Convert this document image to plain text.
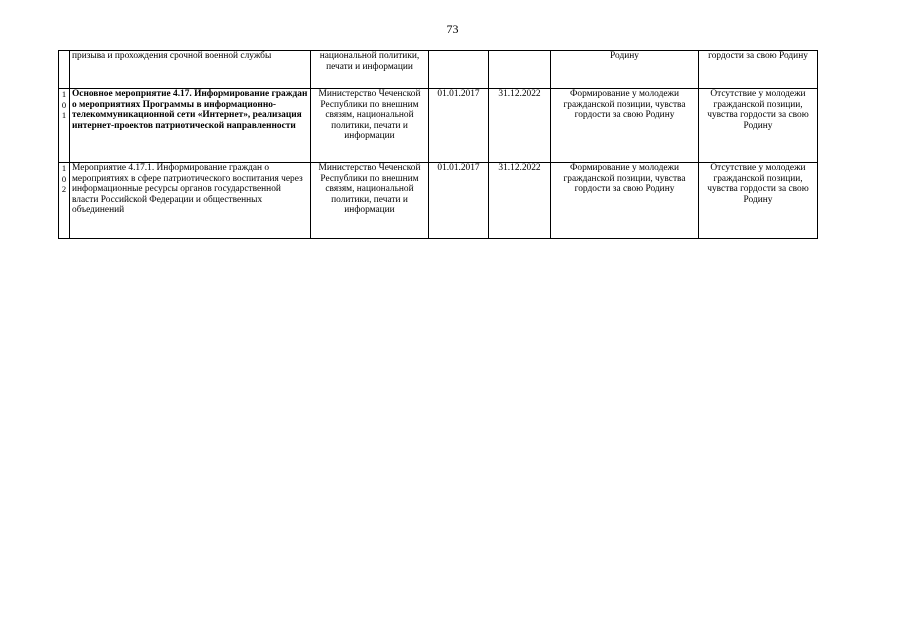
73
	призыва и прохождения срочной военной службы	национальной политики, печати и информации			Родину	гордости за свою Родину

1
0
1	Основное мероприятие 4.17. Информирование граждан о мероприятиях Программы в информационно-телекоммуникационной сети «Интернет», реализация интернет-проектов патриотической направленности	Министерство Чеченской Республики по внешним связям, национальной политики, печати и информации	01.01.2017	31.12.2022	Формирование у молодежи гражданской позиции, чувства гордости за свою Родину	Отсутствие у молодежи гражданской позиции, чувства гордости за свою Родину

1
0
2	Мероприятие 4.17.1. Информирование граждан о мероприятиях в сфере патриотического воспитания через информационные ресурсы органов государственной власти Российской Федерации и общественных объединений	Министерство Чеченской Республики по внешним связям, национальной политики, печати и информации	01.01.2017	31.12.2022	Формирование у молодежи гражданской позиции, чувства гордости за свою Родину	Отсутствие у молодежи гражданской позиции, чувства гордости за свою Родину
